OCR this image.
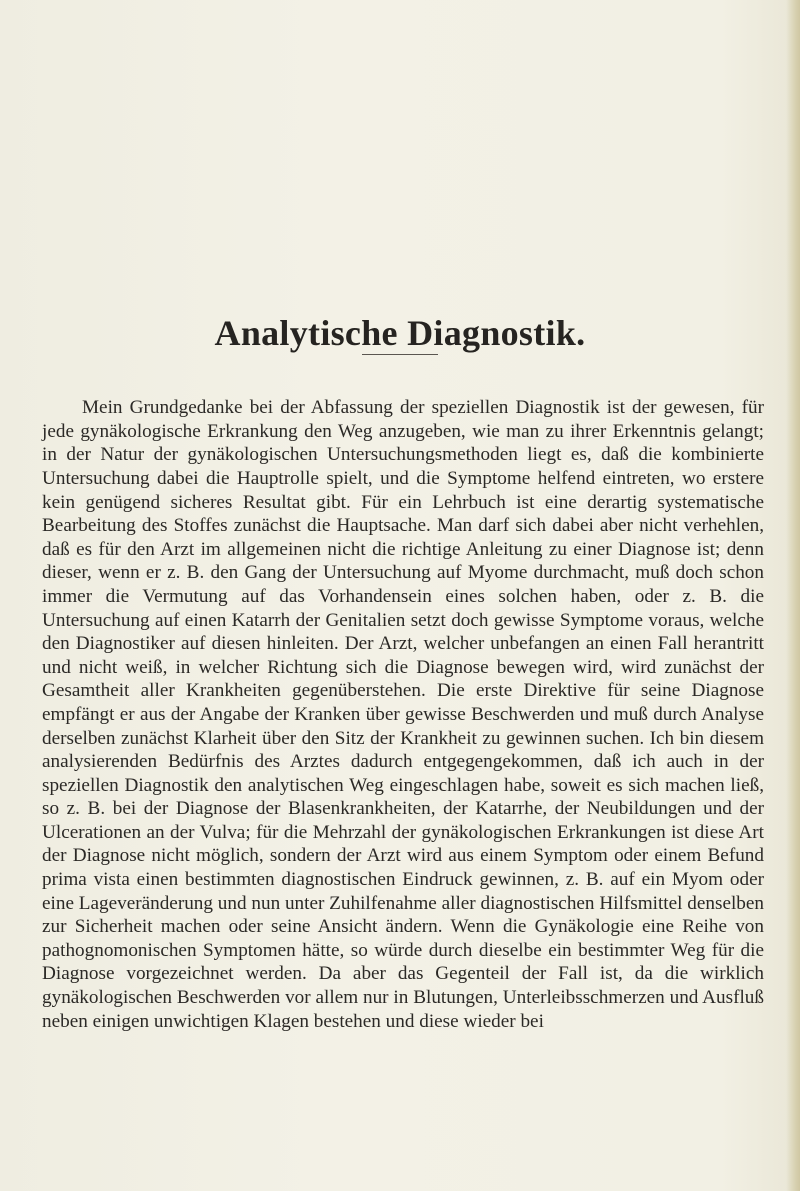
Analytische Diagnostik.

Mein Grundgedanke bei der Abfassung der speziellen Diagnostik ist der gewesen, für jede gynäkologische Erkrankung den Weg anzugeben, wie man zu ihrer Erkenntnis gelangt; in der Natur der gynäkologischen Untersuchungsmethoden liegt es, daß die kombinierte Untersuchung dabei die Hauptrolle spielt, und die Symptome helfend eintreten, wo erstere kein genügend sicheres Resultat gibt. Für ein Lehrbuch ist eine derartig systematische Bearbeitung des Stoffes zunächst die Hauptsache. Man darf sich dabei aber nicht verhehlen, daß es für den Arzt im allgemeinen nicht die richtige Anleitung zu einer Diagnose ist; denn dieser, wenn er z. B. den Gang der Untersuchung auf Myome durchmacht, muß doch schon immer die Vermutung auf das Vorhandensein eines solchen haben, oder z. B. die Untersuchung auf einen Katarrh der Genitalien setzt doch gewisse Symptome voraus, welche den Diagnostiker auf diesen hinleiten. Der Arzt, welcher unbefangen an einen Fall herantritt und nicht weiß, in welcher Richtung sich die Diagnose bewegen wird, wird zunächst der Gesamtheit aller Krankheiten gegenüberstehen. Die erste Direktive für seine Diagnose empfängt er aus der Angabe der Kranken über gewisse Beschwerden und muß durch Analyse derselben zunächst Klarheit über den Sitz der Krankheit zu gewinnen suchen. Ich bin diesem analysierenden Bedürfnis des Arztes dadurch entgegengekommen, daß ich auch in der speziellen Diagnostik den analytischen Weg eingeschlagen habe, soweit es sich machen ließ, so z. B. bei der Diagnose der Blasenkrankheiten, der Katarrhe, der Neubildungen und der Ulcerationen an der Vulva; für die Mehrzahl der gynäkologischen Erkrankungen ist diese Art der Diagnose nicht möglich, sondern der Arzt wird aus einem Symptom oder einem Befund prima vista einen bestimmten diagnostischen Eindruck gewinnen, z. B. auf ein Myom oder eine Lageveränderung und nun unter Zuhilfenahme aller diagnostischen Hilfsmittel denselben zur Sicherheit machen oder seine Ansicht ändern. Wenn die Gynäkologie eine Reihe von pathognomonischen Symptomen hätte, so würde durch dieselbe ein bestimmter Weg für die Diagnose vorgezeichnet werden. Da aber das Gegenteil der Fall ist, da die wirklich gynäkologischen Beschwerden vor allem nur in Blutungen, Unterleibsschmerzen und Ausfluß neben einigen unwichtigen Klagen bestehen und diese wieder bei
